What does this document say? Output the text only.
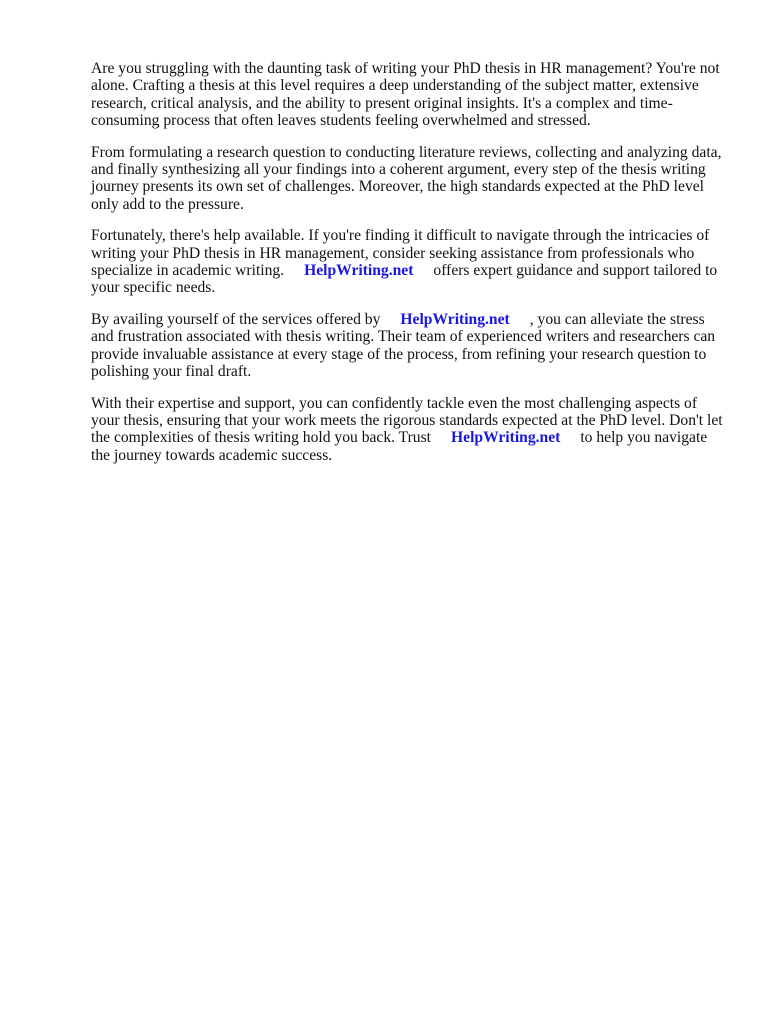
Are you struggling with the daunting task of writing your PhD thesis in HR management? You're not alone. Crafting a thesis at this level requires a deep understanding of the subject matter, extensive research, critical analysis, and the ability to present original insights. It's a complex and time-consuming process that often leaves students feeling overwhelmed and stressed.

From formulating a research question to conducting literature reviews, collecting and analyzing data, and finally synthesizing all your findings into a coherent argument, every step of the thesis writing journey presents its own set of challenges. Moreover, the high standards expected at the PhD level only add to the pressure.

Fortunately, there's help available. If you're finding it difficult to navigate through the intricacies of writing your PhD thesis in HR management, consider seeking assistance from professionals who specialize in academic writing. HelpWriting.net offers expert guidance and support tailored to your specific needs.

By availing yourself of the services offered by HelpWriting.net , you can alleviate the stress and frustration associated with thesis writing. Their team of experienced writers and researchers can provide invaluable assistance at every stage of the process, from refining your research question to polishing your final draft.

With their expertise and support, you can confidently tackle even the most challenging aspects of your thesis, ensuring that your work meets the rigorous standards expected at the PhD level. Don't let the complexities of thesis writing hold you back. Trust HelpWriting.net to help you navigate the journey towards academic success.
